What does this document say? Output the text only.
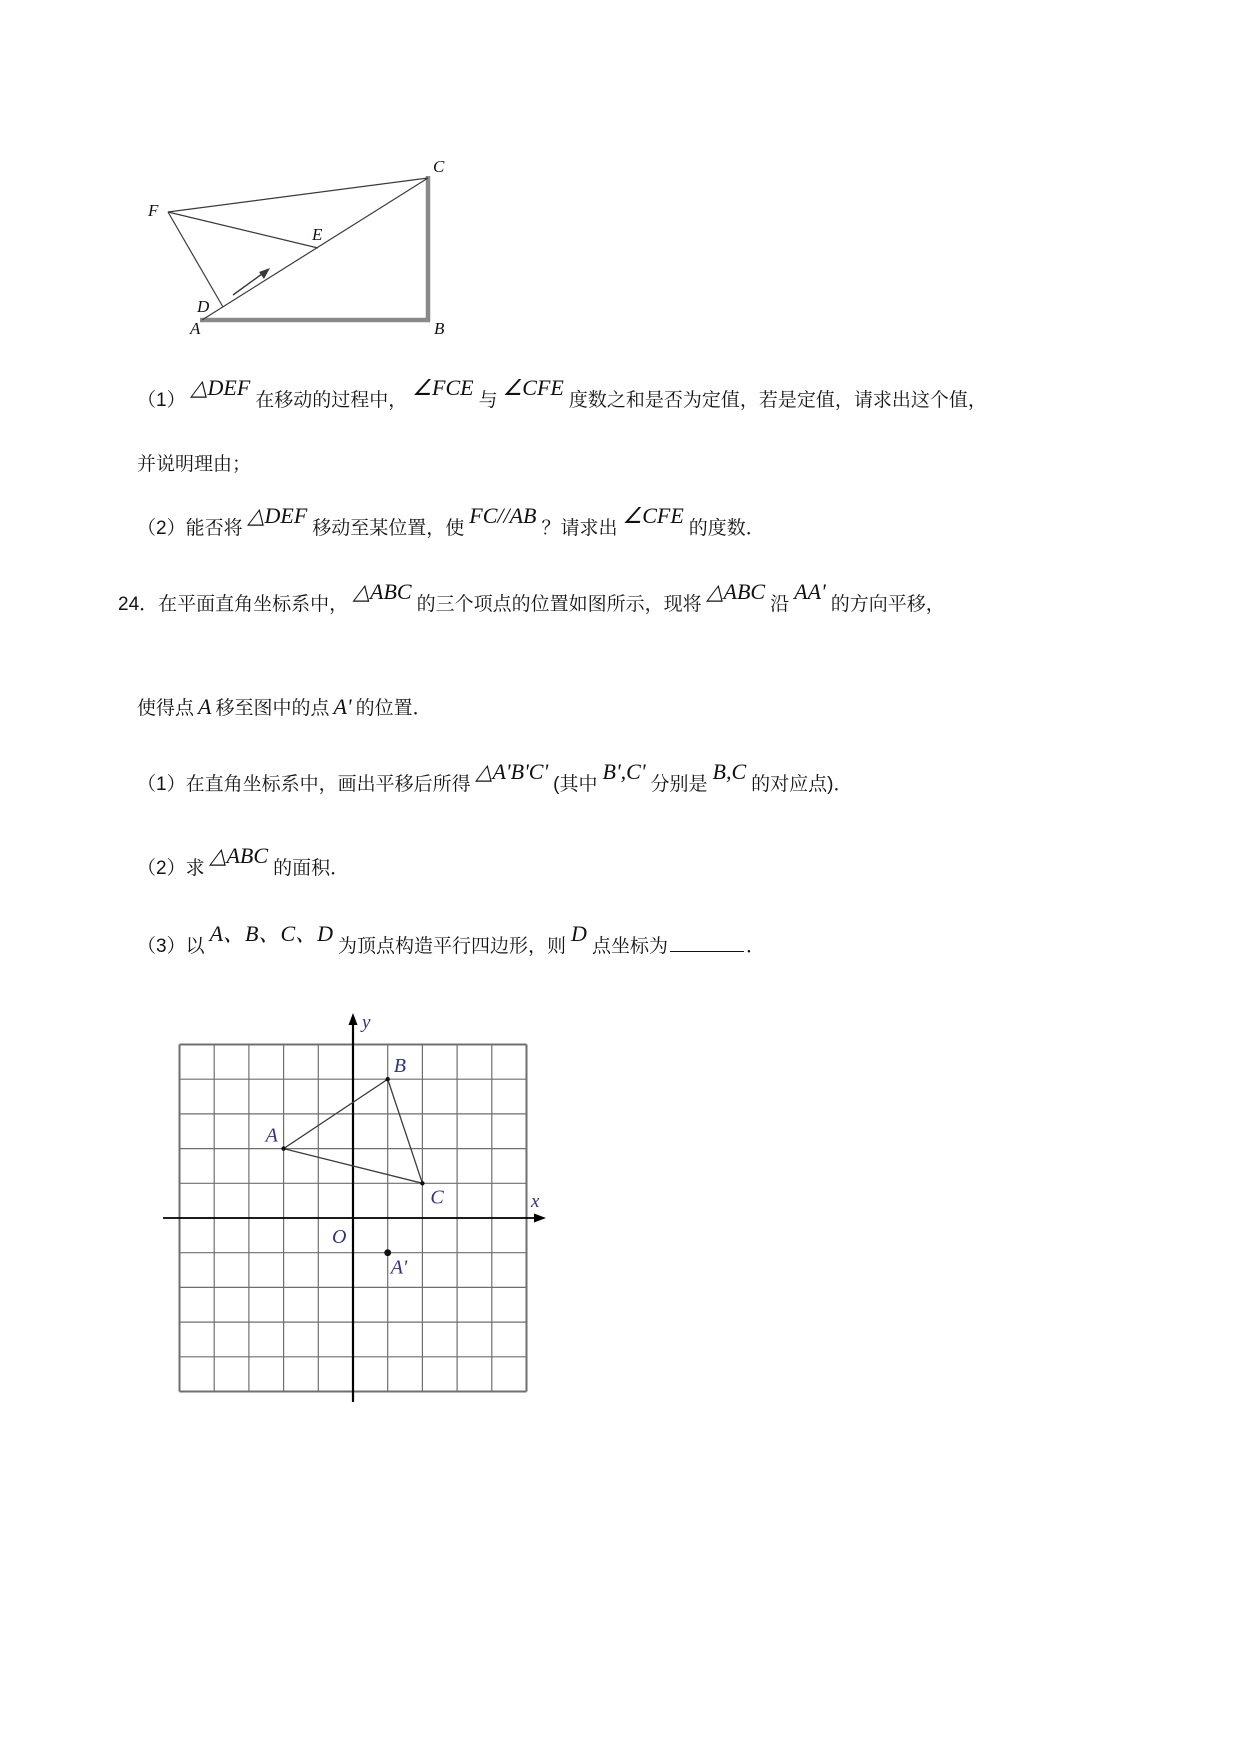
C
F
E
D
A	B
（1）△DEF在移动的过程中，∠FCE与∠CFE度数之和是否为定值，若是定值，请求出这个值，
并说明理由；
（2）能否将△DEF移动至某位置，使FC//AB？请求出∠CFE的度数．
24．在平面直角坐标系中，△ABC的三个项点的位置如图所示，现将△ABC沿AA'的方向平移，
使得点 A 移至图中的点 A' 的位置．
（1）在直角坐标系中，画出平移后所得△A'B'C'(其中B',C'分别是B,C的对应点)．
（2）求△ABC的面积．
（3）以A、B、C、D为顶点构造平行四边形，则D点坐标为	．
y
x
O
A
B
C
A'
